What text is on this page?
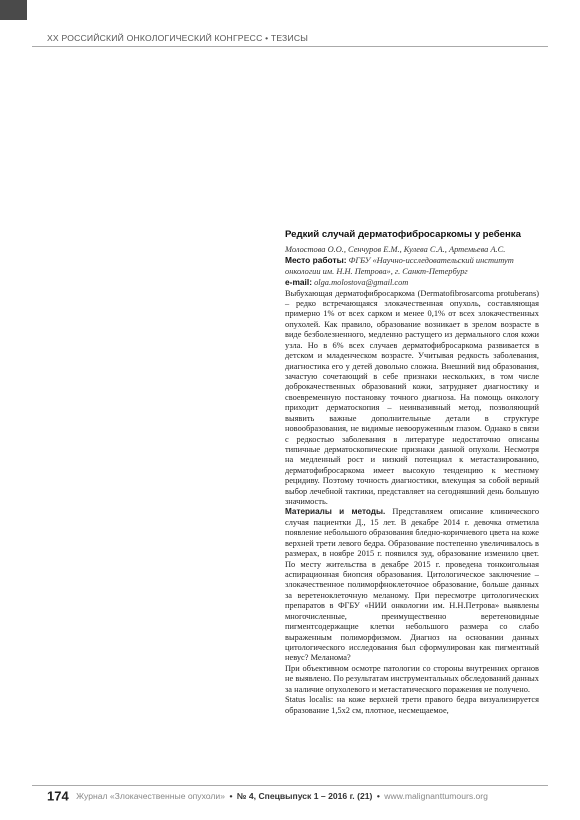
XX РОССИЙСКИЙ ОНКОЛОГИЧЕСКИЙ КОНГРЕСС • ТЕЗИСЫ
Редкий случай дерматофибросаркомы у ребенка
Молостова О.О., Сенчуров Е.М., Кулева С.А., Артемьева А.С.
Место работы: ФГБУ «Научно-исследовательский институт онкологии им. Н.Н. Петрова», г. Санкт-Петербург
e-mail: olga.molostova@gmail.com

Выбухающая дерматофибросаркома (Dermatofibrosarcoma protuberans) – редко встречающаяся злокачественная опухоль, составляющая примерно 1% от всех сарком и менее 0,1% от всех злокачественных опухолей. Как правило, образование возникает в зрелом возрасте в виде безболезненного, медленно растущего из дермального слоя кожи узла. Но в 6% всех случаев дерматофибросаркома развивается в детском и младенческом возрасте. Учитывая редкость заболевания, диагностика его у детей довольно сложна. Внешний вид образования, зачастую сочетающий в себе признаки нескольких, в том числе доброкачественных образований кожи, затрудняет диагностику и своевременную постановку точного диагноза. На помощь онкологу приходит дерматоскопия – неинвазивный метод, позволяющий выявить важные дополнительные детали в структуре новообразования, не видимые невооруженным глазом. Однако в связи с редкостью заболевания в литературе недостаточно описаны типичные дерматоскопические признаки данной опухоли. Несмотря на медленный рост и низкий потенциал к метастазированию, дерматофибросаркома имеет высокую тенденцию к местному рецидиву. Поэтому точность диагностики, влекущая за собой верный выбор лечебной тактики, представляет на сегодняшний день большую значимость.

Материалы и методы. Представляем описание клинического случая пациентки Д., 15 лет. В декабре 2014 г. девочка отметила появление небольшого образования бледно-коричневого цвета на коже верхней трети левого бедра. Образование постепенно увеличивалось в размерах, в ноябре 2015 г. появился зуд, образование изменило цвет. По месту жительства в декабре 2015 г. проведена тонкоигольная аспирационная биопсия образования. Цитологическое заключение – злокачественное полиморфноклеточное образование, больше данных за веретеноклеточную меланому. При пересмотре цитологических препаратов в ФГБУ «НИИ онкологии им. Н.Н.Петрова» выявлены многочисленные, преимущественно веретеновидные пигментсодержащие клетки небольшого размера со слабо выраженным полиморфизмом. Диагноз на основании данных цитологического исследования был сформулирован как пигментный невус? Меланома?

При объективном осмотре патологии со стороны внутренних органов не выявлено. По результатам инструментальных обследований данных за наличие опухолевого и метастатического поражения не получено.

Status localis: на коже верхней трети правого бедра визуализируется образование 1,5х2 см, плотное, несмещаемое,

174 Журнал «Злокачественные опухоли» • № 4, Спецвыпуск 1 – 2016 г. (21) • www.malignanttumours.org
